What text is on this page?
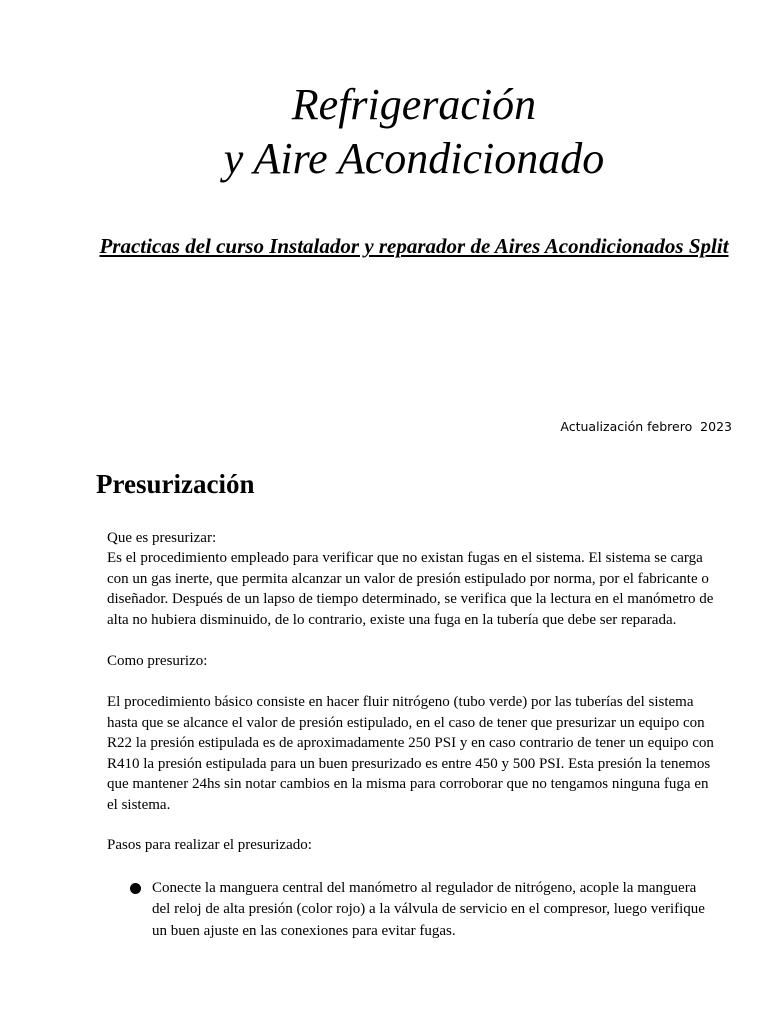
Refrigeración
y Aire Acondicionado

Practicas del curso Instalador y reparador de Aires Acondicionados Split

Actualización febrero  2023
Presurización

Que es presurizar:

Es el procedimiento empleado para verificar que no existan fugas en el sistema. El sistema se carga con un gas inerte, que permita alcanzar un valor de presión estipulado por norma, por el fabricante o diseñador. Después de un lapso de tiempo determinado, se verifica que la lectura en el manómetro de alta no hubiera disminuido, de lo contrario, existe una fuga en la tubería que debe ser reparada.

Como presurizo:

El procedimiento básico consiste en hacer fluir nitrógeno (tubo verde) por las tuberías del sistema hasta que se alcance el valor de presión estipulado, en el caso de tener que presurizar un equipo con R22 la presión estipulada es de aproximadamente 250 PSI y en caso contrario de tener un equipo con R410 la presión estipulada para un buen presurizado es entre 450 y 500 PSI. Esta presión la tenemos que mantener 24hs sin notar cambios en la misma para corroborar que no tengamos ninguna fuga en el sistema.

Pasos para realizar el presurizado:

Conecte la manguera central del manómetro al regulador de nitrógeno, acople la manguera del reloj de alta presión (color rojo) a la válvula de servicio en el compresor, luego verifique un buen ajuste en las conexiones para evitar fugas.
